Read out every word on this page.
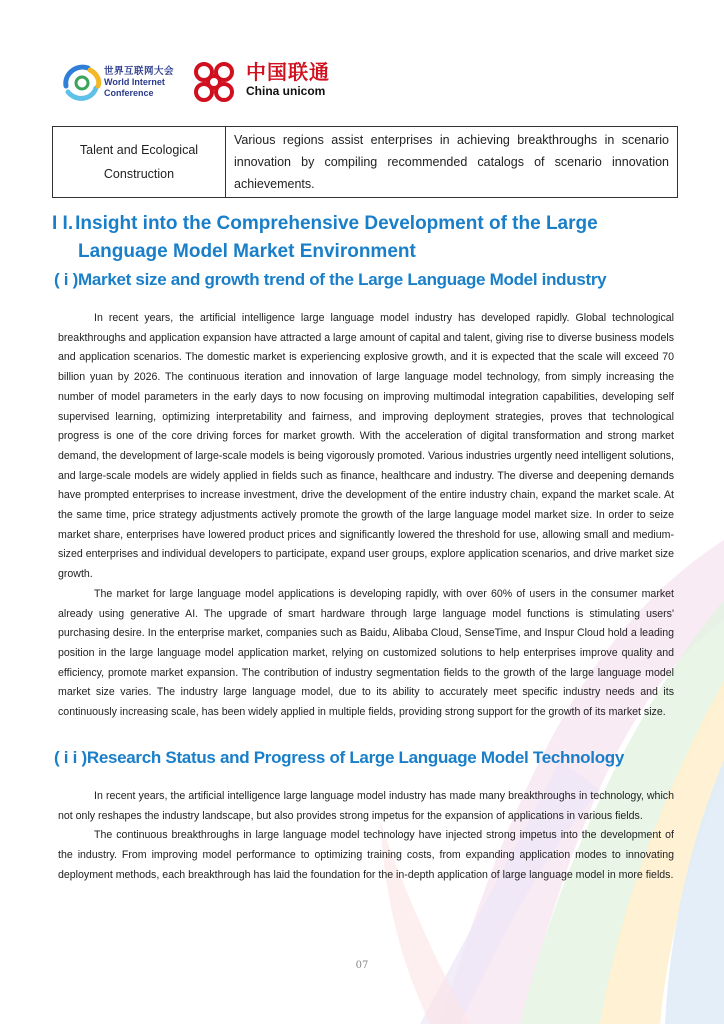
世界互联网大会
World Internet
Conference
中国联通
China unicom
Talent and Ecological Construction	Various regions assist enterprises in achieving breakthroughs in scenario innovation by compiling recommended catalogs of scenario innovation achievements.
I I. Insight into the Comprehensive Development of the Large
Language Model Market Environment
( i )Market size and growth trend of the Large Language Model industry

In recent years, the artificial intelligence large language model industry has developed rapidly. Global technological breakthroughs and application expansion have attracted a large amount of capital and talent, giving rise to diverse business models and application scenarios. The domestic market is experiencing explosive growth, and it is expected that the scale will exceed 70 billion yuan by 2026. The continuous iteration and innovation of large language model technology, from simply increasing the number of model parameters in the early days to now focusing on improving multimodal integration capabilities, developing self supervised learning, optimizing interpretability and fairness, and improving deployment strategies, proves that technological progress is one of the core driving forces for market growth. With the acceleration of digital transformation and strong market demand, the development of large-scale models is being vigorously promoted. Various industries urgently need intelligent solutions, and large-scale models are widely applied in fields such as finance, healthcare and industry. The diverse and deepening demands have prompted enterprises to increase investment, drive the development of the entire industry chain, expand the market scale. At the same time, price strategy adjustments actively promote the growth of the large language model market size. In order to seize market share, enterprises have lowered product prices and significantly lowered the threshold for use, allowing small and medium-sized enterprises and individual developers to participate, expand user groups, explore application scenarios, and drive market size growth.

The market for large language model applications is developing rapidly, with over 60% of users in the consumer market already using generative AI. The upgrade of smart hardware through large language model functions is stimulating users' purchasing desire. In the enterprise market, companies such as Baidu, Alibaba Cloud, SenseTime, and Inspur Cloud hold a leading position in the large language model application market, relying on customized solutions to help enterprises improve quality and efficiency, promote market expansion. The contribution of industry segmentation fields to the growth of the large language model market size varies. The industry large language model, due to its ability to accurately meet specific industry needs and its continuously increasing scale, has been widely applied in multiple fields, providing strong support for the growth of its market size.

( i i )Research Status and Progress of Large Language Model Technology

In recent years, the artificial intelligence large language model industry has made many breakthroughs in technology, which not only reshapes the industry landscape, but also provides strong impetus for the expansion of applications in various fields.

The continuous breakthroughs in large language model technology have injected strong impetus into the development of the industry. From improving model performance to optimizing training costs, from expanding application modes to innovating deployment methods, each breakthrough has laid the foundation for the in-depth application of large language model in more fields.

07
